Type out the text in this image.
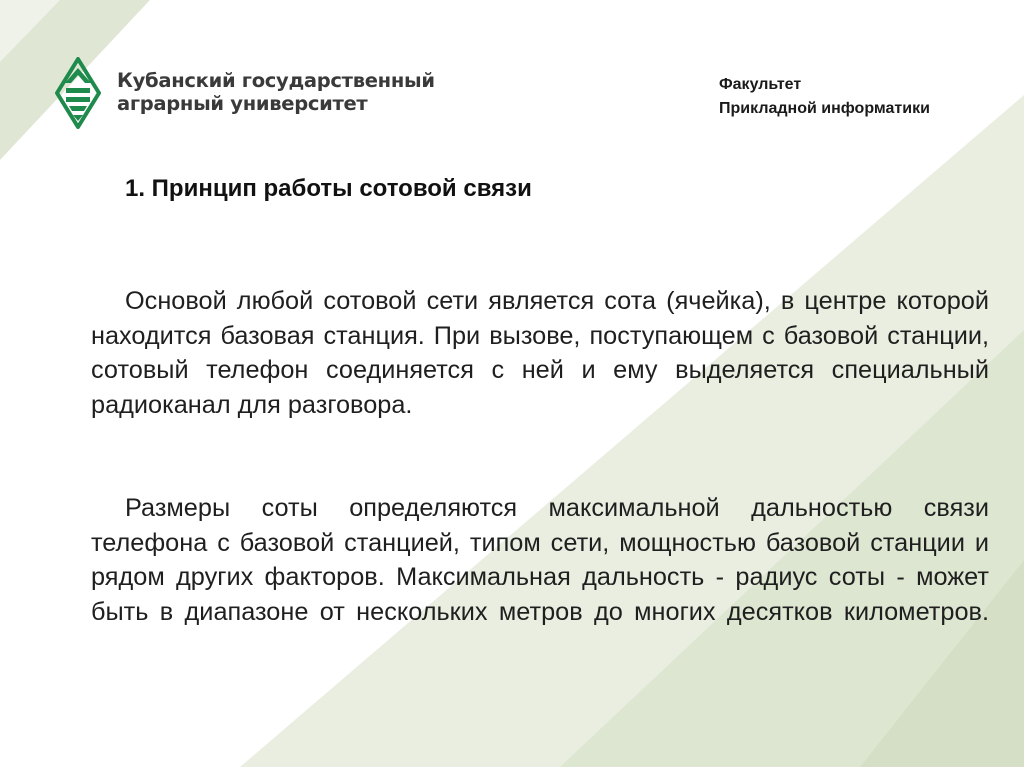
Кубанский государственный
аграрный университет
Факультет
Прикладной информатики
1. Принцип работы сотовой связи

Основой любой сотовой сети является сота (ячейка), в центре которой находится базовая станция. При вызове, поступающем с базовой станции, сотовый телефон соединяется с ней и ему выделяется специальный радиоканал для разговора.

Размеры соты определяются максимальной дальностью связи телефона с базовой станцией, типом сети, мощностью базовой станции и рядом других факторов. Максимальная дальность - радиус соты - может быть в диапазоне от нескольких метров до многих десятков километров.
